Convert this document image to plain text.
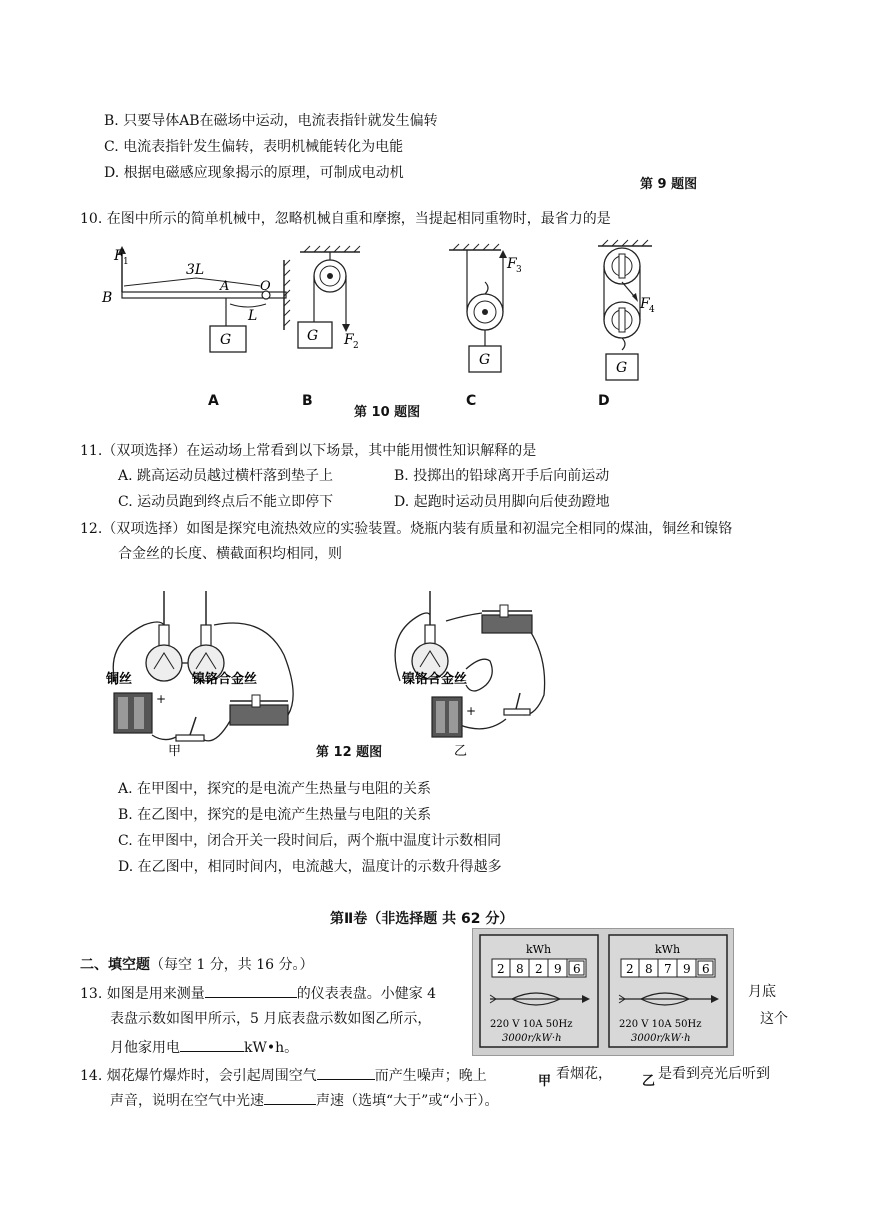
B. 只要导体AB在磁场中运动，电流表指针就发生偏转
C. 电流表指针发生偏转，表明机械能转化为电能
D. 根据电磁感应现象揭示的原理，可制成电动机
第 9 题图
10. 在图中所示的简单机械中，忽略机械自重和摩擦，当提起相同重物时，最省力的是
G
F 1	3L
L
B
A O
G F 2
G
F 3
G
F 4
A	B
第 10 题图
C	D
11.（双项选择）在运动场上常看到以下场景，其中能用惯性知识解释的是
A. 跳高运动员越过横杆落到垫子上	B. 投掷出的铅球离开手后向前运动
C. 运动员跑到终点后不能立即停下	D. 起跑时运动员用脚向后使劲蹬地
12.（双项选择）如图是探究电流热效应的实验装置。烧瓶内装有质量和初温完全相同的煤油，铜丝和镍铬
合金丝的长度、横截面积均相同，则
铜丝	镍铬合金丝
+
甲	第 12 题图
镍铬合金丝
+
乙
A. 在甲图中，探究的是电流产生热量与电阻的关系
B. 在乙图中，探究的是电流产生热量与电阻的关系
C. 在甲图中，闭合开关一段时间后，两个瓶中温度计示数相同
D. 在乙图中，相同时间内，电流越大，温度计的示数升得越多
第Ⅱ卷（非选择题 共 62 分）
二、填空题（每空 1 分，共 16 分。）
kWh
2 8 2 9 6
220 V 10A 50Hz
3000r/kW·h
kWh
2 8 7 9 6
220 V 10A 50Hz
3000r/kW·h
13. 如图是用来测量	的仪表表盘。小健家 4	月底
表盘示数如图甲所示，5 月底表盘示数如图乙所示，	这个
月他家用电	kW•h。
14. 烟花爆竹爆炸时，会引起周围空气	而产生噪声；晚上	甲 看烟花， 乙 是看到亮光后听到
声音，说明在空气中光速	声速（选填“大于”或“小于）。
